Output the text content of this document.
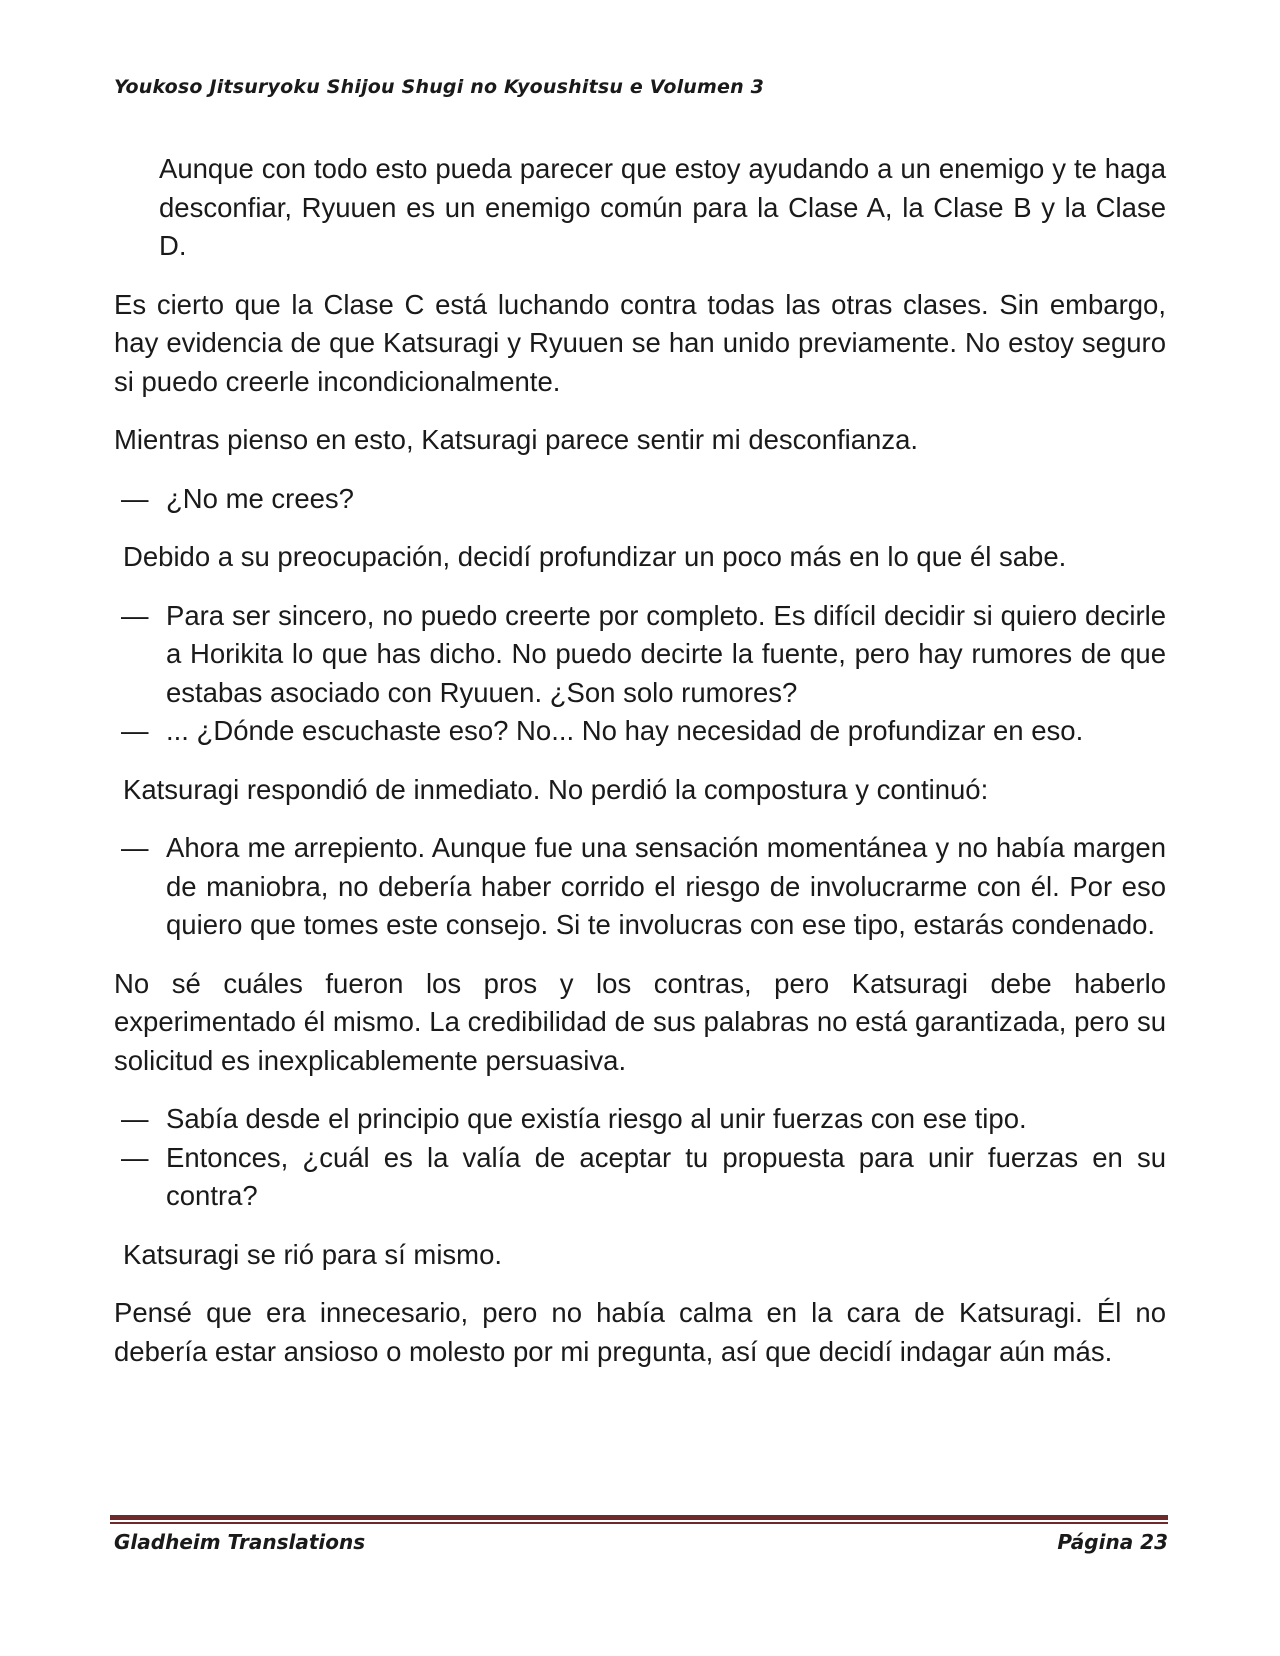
Youkoso Jitsuryoku Shijou Shugi no Kyoushitsu e Volumen 3

Aunque con todo esto pueda parecer que estoy ayudando a un enemigo y te haga desconfiar, Ryuuen es un enemigo común para la Clase A, la Clase B y la Clase D.

Es cierto que la Clase C está luchando contra todas las otras clases. Sin embargo, hay evidencia de que Katsuragi y Ryuuen se han unido previamente. No estoy seguro si puedo creerle incondicionalmente.

Mientras pienso en esto, Katsuragi parece sentir mi desconfianza.

— ¿No me crees?

Debido a su preocupación, decidí profundizar un poco más en lo que él sabe.

— Para ser sincero, no puedo creerte por completo. Es difícil decidir si quiero decirle a Horikita lo que has dicho. No puedo decirte la fuente, pero hay rumores de que estabas asociado con Ryuuen. ¿Son solo rumores?
— ... ¿Dónde escuchaste eso? No... No hay necesidad de profundizar en eso.

Katsuragi respondió de inmediato. No perdió la compostura y continuó:

— Ahora me arrepiento. Aunque fue una sensación momentánea y no había margen de maniobra, no debería haber corrido el riesgo de involucrarme con él. Por eso quiero que tomes este consejo. Si te involucras con ese tipo, estarás condenado.

No sé cuáles fueron los pros y los contras, pero Katsuragi debe haberlo experimentado él mismo. La credibilidad de sus palabras no está garantizada, pero su solicitud es inexplicablemente persuasiva.

— Sabía desde el principio que existía riesgo al unir fuerzas con ese tipo.
— Entonces, ¿cuál es la valía de aceptar tu propuesta para unir fuerzas en su contra?

Katsuragi se rió para sí mismo.

Pensé que era innecesario, pero no había calma en la cara de Katsuragi. Él no debería estar ansioso o molesto por mi pregunta, así que decidí indagar aún más.

Gladheim Translations	Página 23
